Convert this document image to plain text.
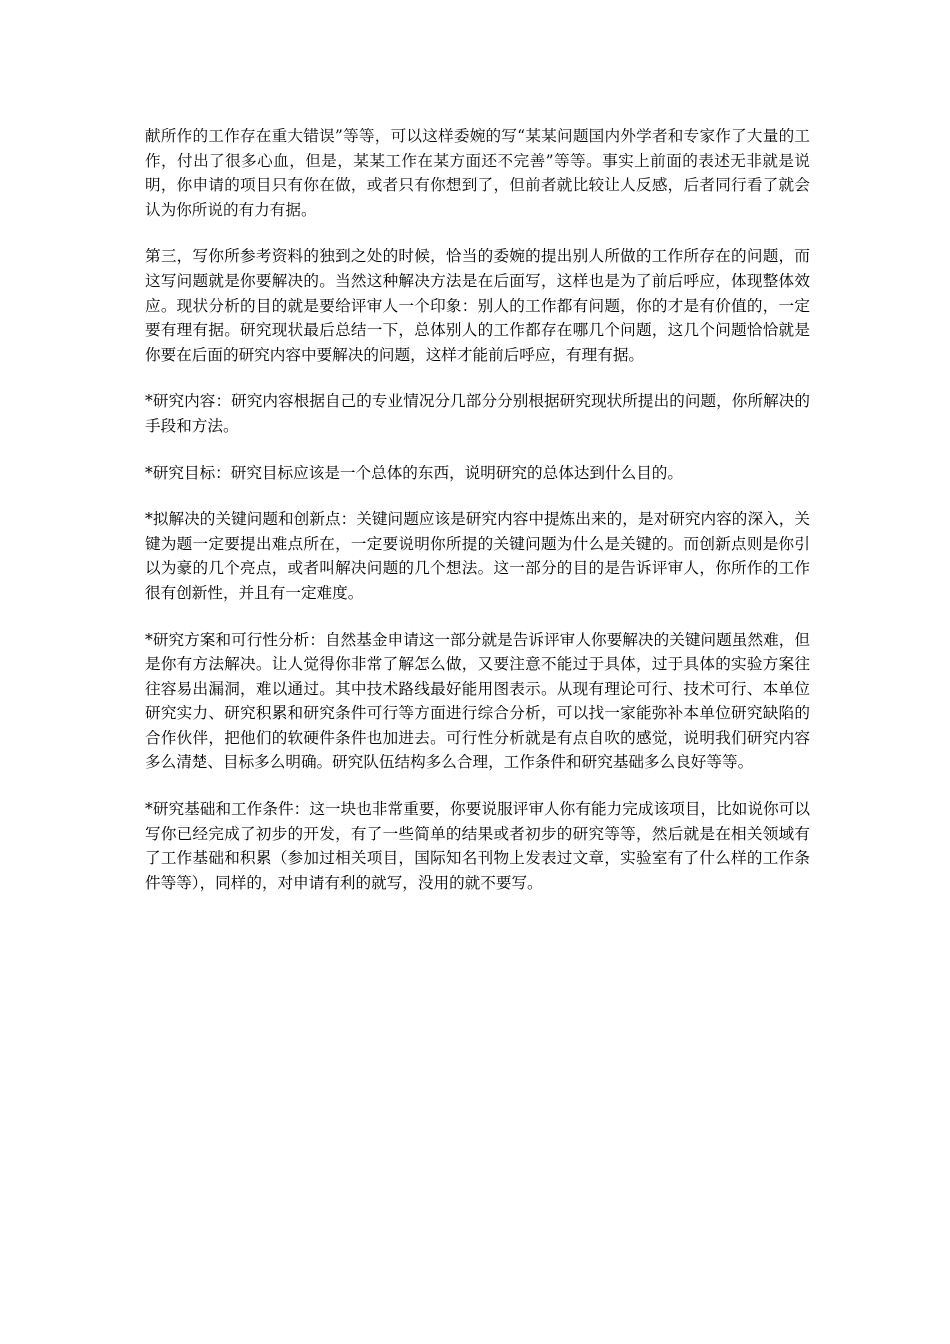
献所作的工作存在重大错误”等等，可以这样委婉的写“某某问题国内外学者和专家作了大量的工作，付出了很多心血，但是，某某工作在某方面还不完善”等等。事实上前面的表述无非就是说明，你申请的项目只有你在做，或者只有你想到了，但前者就比较让人反感，后者同行看了就会认为你所说的有力有据。

第三，写你所参考资料的独到之处的时候，恰当的委婉的提出别人所做的工作所存在的问题，而这写问题就是你要解决的。当然这种解决方法是在后面写，这样也是为了前后呼应，体现整体效应。现状分析的目的就是要给评审人一个印象：别人的工作都有问题，你的才是有价值的，一定要有理有据。研究现状最后总结一下，总体别人的工作都存在哪几个问题，这几个问题恰恰就是你要在后面的研究内容中要解决的问题，这样才能前后呼应，有理有据。

*研究内容：研究内容根据自己的专业情况分几部分分别根据研究现状所提出的问题，你所解决的手段和方法。

*研究目标：研究目标应该是一个总体的东西，说明研究的总体达到什么目的。

*拟解决的关键问题和创新点：关键问题应该是研究内容中提炼出来的，是对研究内容的深入，关键为题一定要提出难点所在，一定要说明你所提的关键问题为什么是关键的。而创新点则是你引以为豪的几个亮点，或者叫解决问题的几个想法。这一部分的目的是告诉评审人，你所作的工作很有创新性，并且有一定难度。

*研究方案和可行性分析：自然基金申请这一部分就是告诉评审人你要解决的关键问题虽然难，但是你有方法解决。让人觉得你非常了解怎么做，又要注意不能过于具体，过于具体的实验方案往往容易出漏洞，难以通过。其中技术路线最好能用图表示。从现有理论可行、技术可行、本单位研究实力、研究积累和研究条件可行等方面进行综合分析，可以找一家能弥补本单位研究缺陷的合作伙伴，把他们的软硬件条件也加进去。可行性分析就是有点自吹的感觉，说明我们研究内容多么清楚、目标多么明确。研究队伍结构多么合理，工作条件和研究基础多么良好等等。

*研究基础和工作条件：这一块也非常重要，你要说服评审人你有能力完成该项目，比如说你可以写你已经完成了初步的开发，有了一些简单的结果或者初步的研究等等，然后就是在相关领域有了工作基础和积累（参加过相关项目，国际知名刊物上发表过文章，实验室有了什么样的工作条件等等），同样的，对申请有利的就写，没用的就不要写。
